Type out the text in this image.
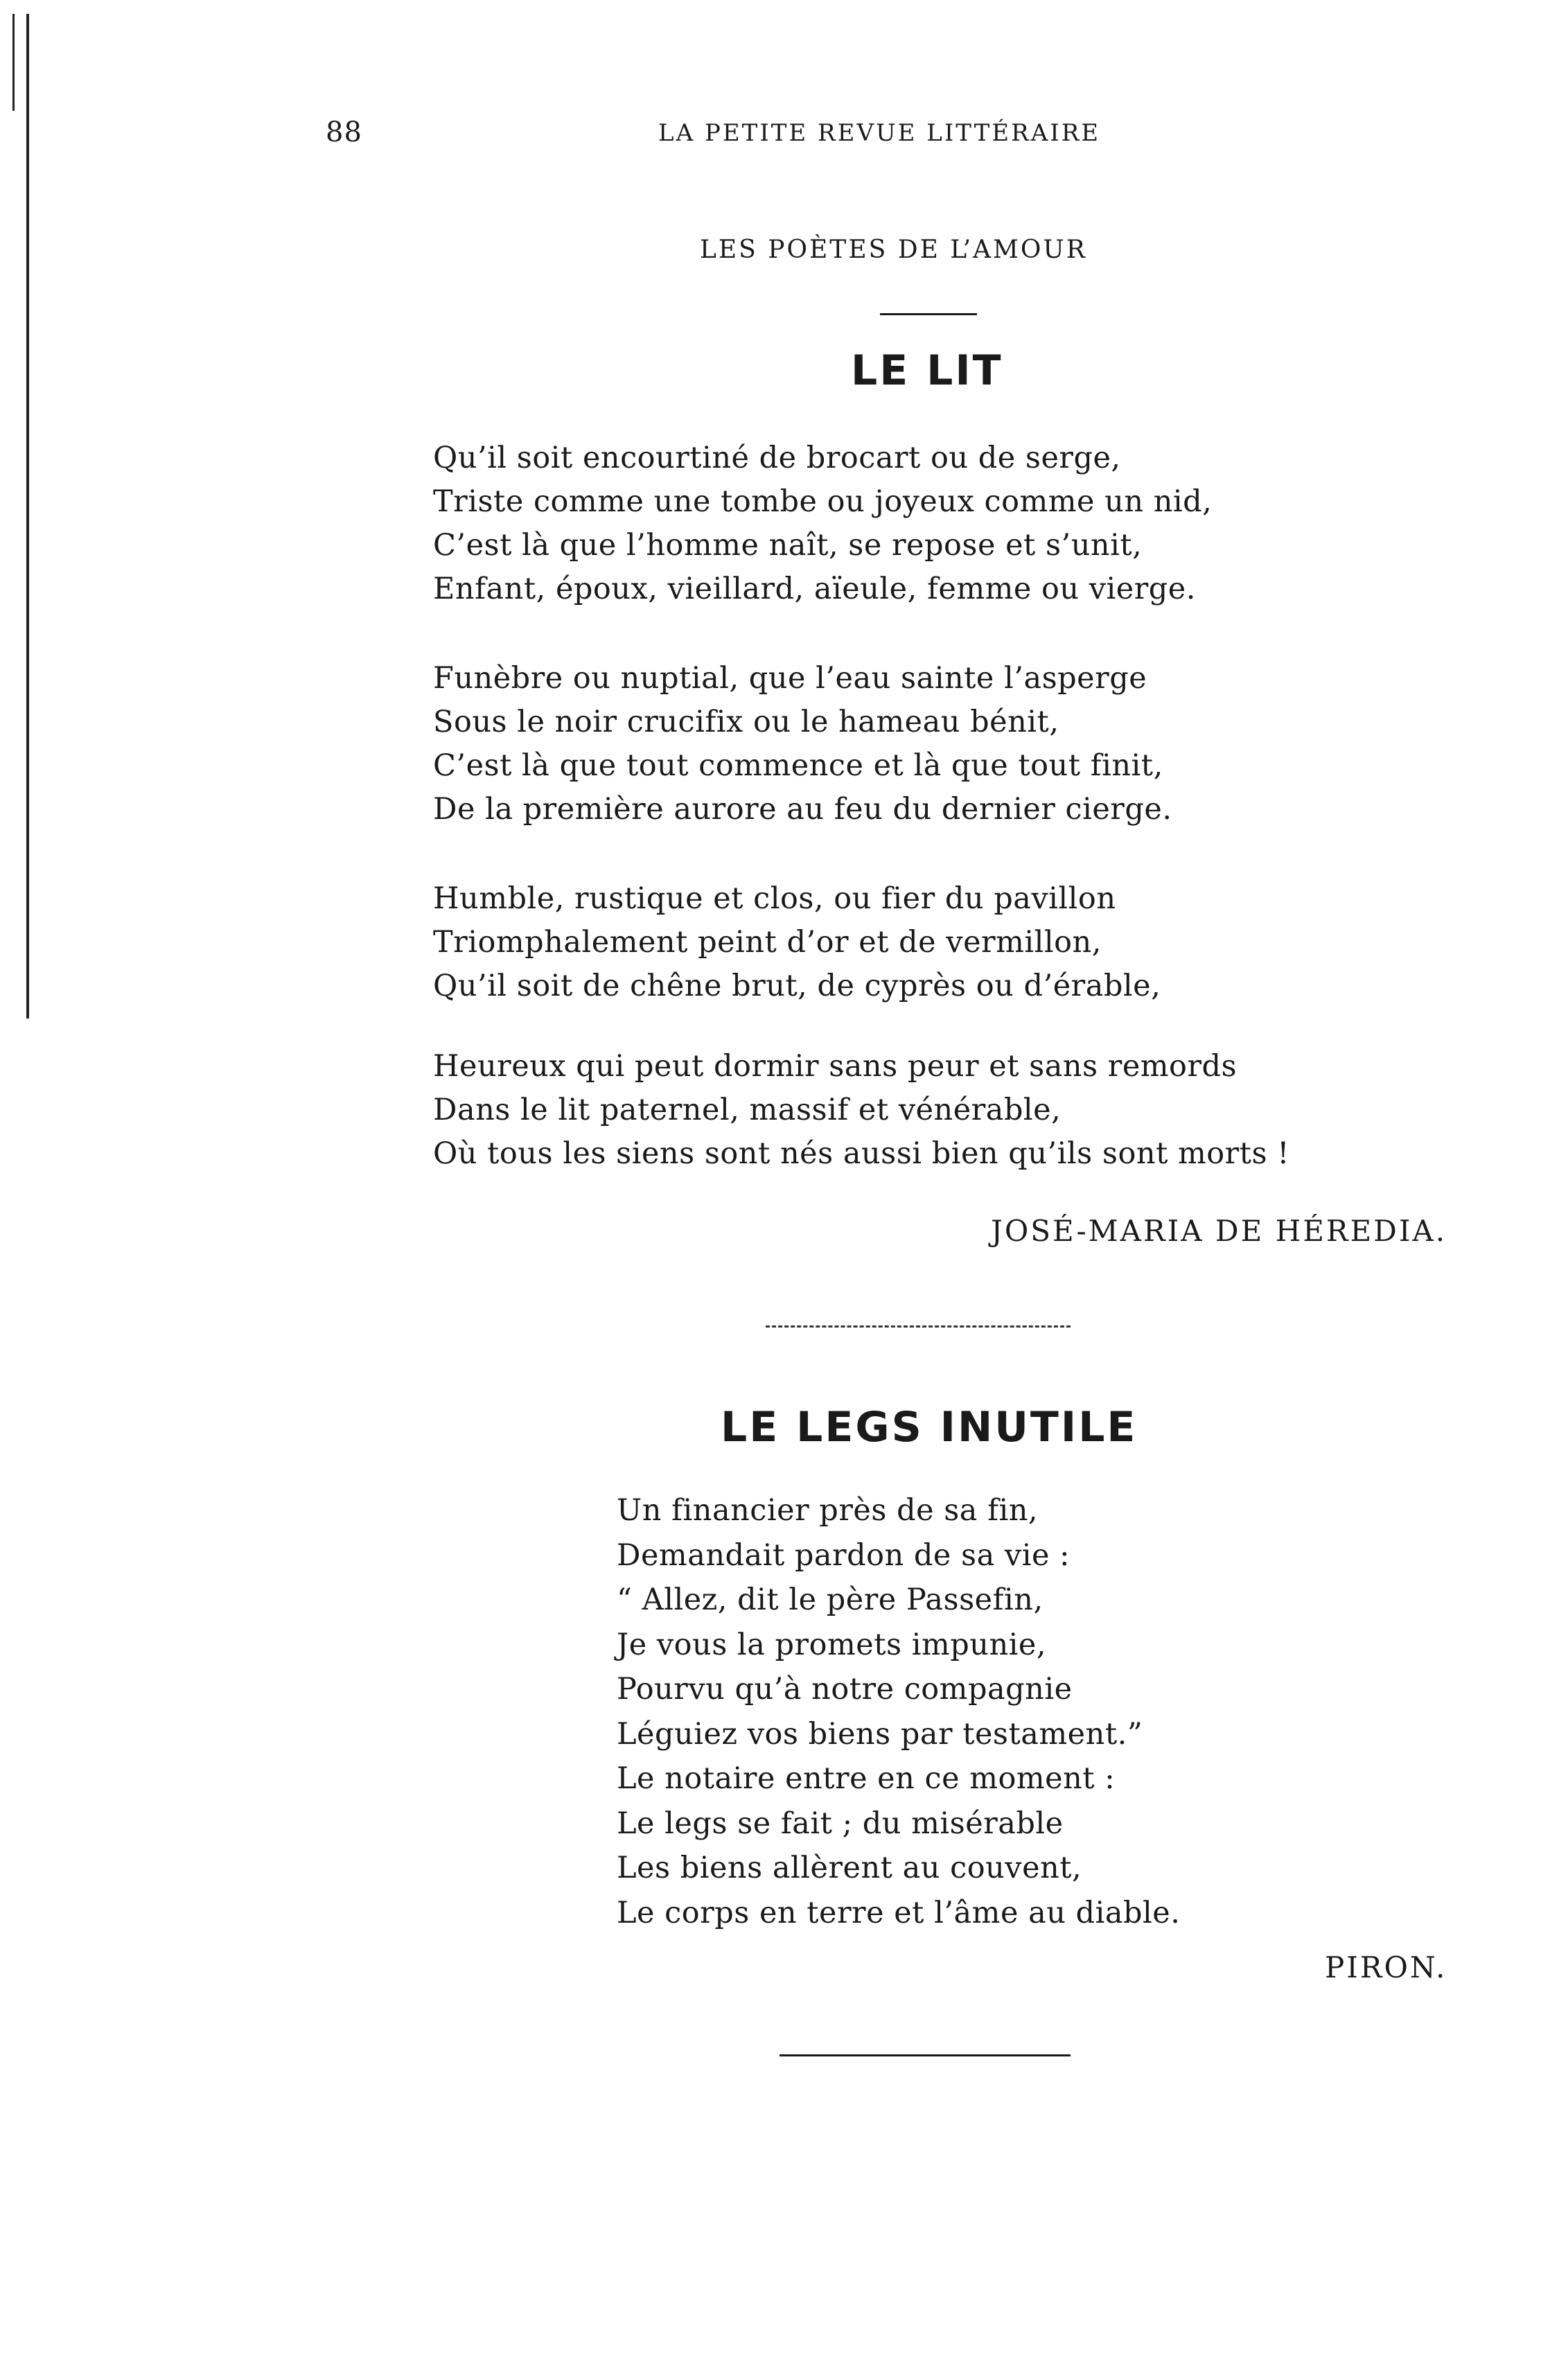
88	LA PETITE REVUE LITTÉRAIRE
LES POÈTES DE L’AMOUR
LE LIT
Qu’il soit encourtiné de brocart ou de serge,
Triste comme une tombe ou joyeux comme un nid,
C’est là que l’homme naît, se repose et s’unit,
Enfant, époux, vieillard, aïeule, femme ou vierge.
Funèbre ou nuptial, que l’eau sainte l’asperge
Sous le noir crucifix ou le hameau bénit,
C’est là que tout commence et là que tout finit,
De la première aurore au feu du dernier cierge.
Humble, rustique et clos, ou fier du pavillon
Triomphalement peint d’or et de vermillon,
Qu’il soit de chêne brut, de cyprès ou d’érable,
Heureux qui peut dormir sans peur et sans remords
Dans le lit paternel, massif et vénérable,
Où tous les siens sont nés aussi bien qu’ils sont morts !
JOSÉ-MARIA DE HÉREDIA.
LE LEGS INUTILE
Un financier près de sa fin,
Demandait pardon de sa vie :
“ Allez, dit le père Passefin,
Je vous la promets impunie,
Pourvu qu’à notre compagnie
Léguiez vos biens par testament.”
Le notaire entre en ce moment :
Le legs se fait ; du misérable
Les biens allèrent au couvent,
Le corps en terre et l’âme au diable.
PIRON.
